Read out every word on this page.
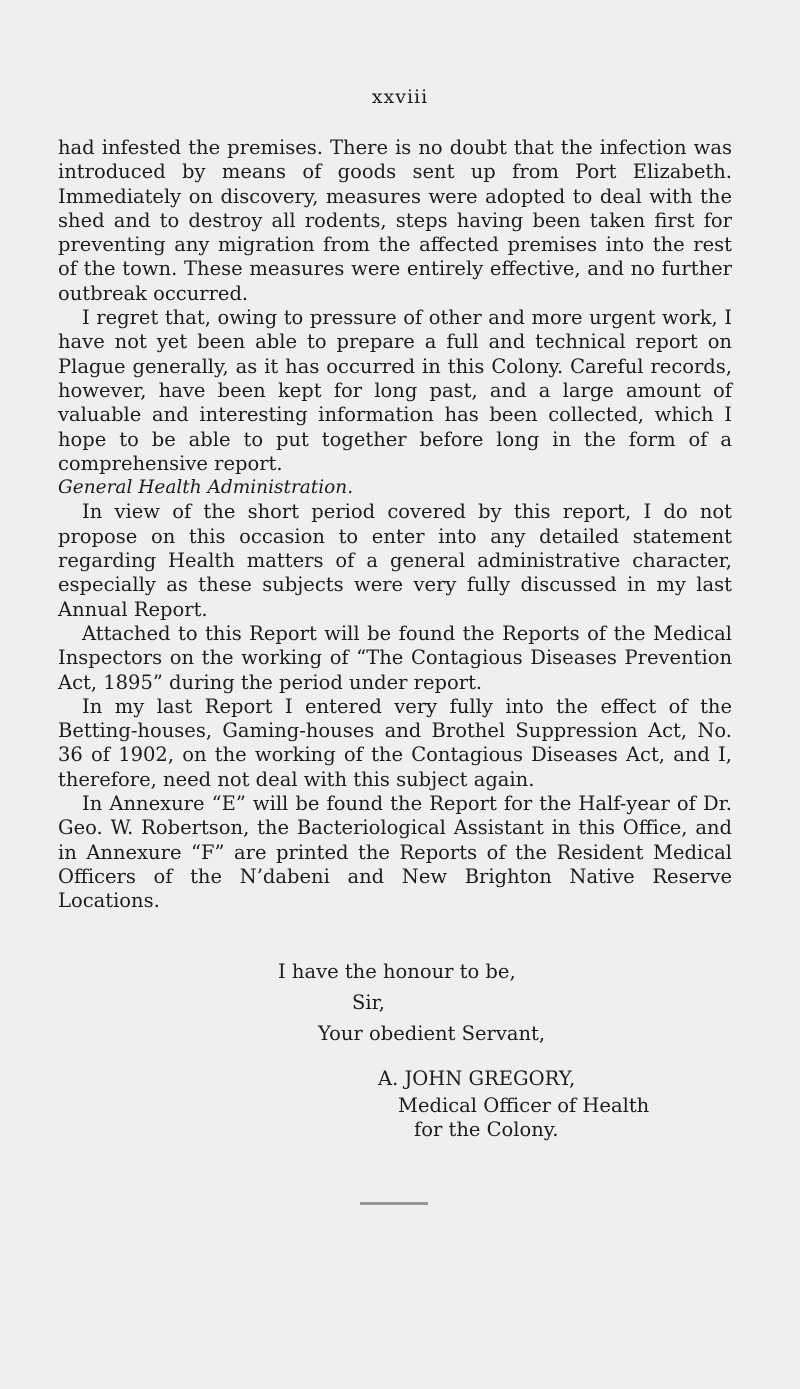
xxviii

had infested the premises. There is no doubt that the infection was introduced by means of goods sent up from Port Elizabeth. Immediately on discovery, measures were adopted to deal with the shed and to destroy all rodents, steps having been taken first for preventing any migration from the affected premises into the rest of the town. These measures were entirely effective, and no further outbreak occurred.

I regret that, owing to pressure of other and more urgent work, I have not yet been able to prepare a full and technical report on Plague generally, as it has occurred in this Colony. Careful records, however, have been kept for long past, and a large amount of valuable and interesting information has been collected, which I hope to be able to put together before long in the form of a comprehensive report.

General Health Administration.

In view of the short period covered by this report, I do not propose on this occasion to enter into any detailed statement regarding Health matters of a general administrative character, especially as these subjects were very fully discussed in my last Annual Report.

Attached to this Report will be found the Reports of the Medical Inspectors on the working of “The Contagious Diseases Prevention Act, 1895” during the period under report.

In my last Report I entered very fully into the effect of the Betting-houses, Gaming-houses and Brothel Suppression Act, No. 36 of 1902, on the working of the Contagious Diseases Act, and I, therefore, need not deal with this subject again.

In Annexure “E” will be found the Report for the Half-year of Dr. Geo. W. Robertson, the Bacteriological Assistant in this Office, and in Annexure “F” are printed the Reports of the Resident Medical Officers of the N’dabeni and New Brighton Native Reserve Locations.

I have the honour to be,
Sir,
Your obedient Servant,
A. JOHN GREGORY,
Medical Officer of Health
for the Colony.
